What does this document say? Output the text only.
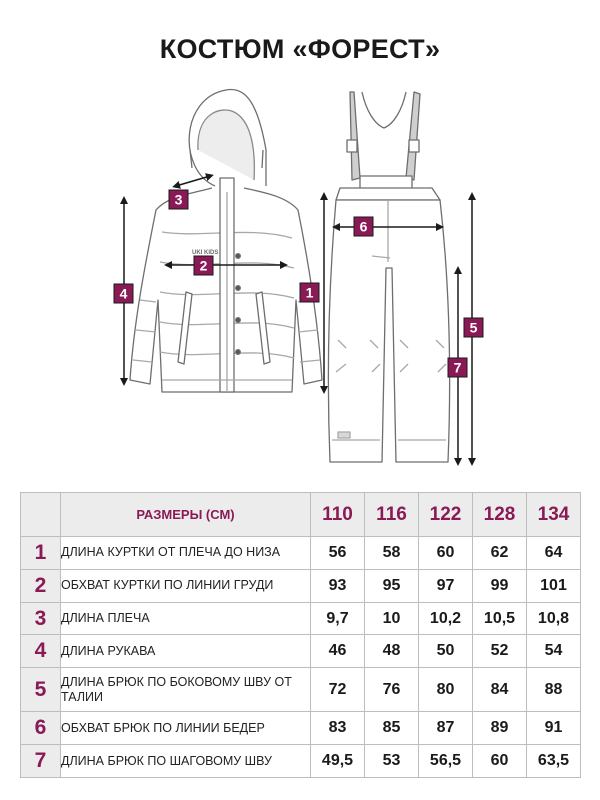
КОСТЮМ «ФОРЕСТ»
UKI KIDS
1
2
3
4
5
6
7
	РАЗМЕРЫ (СМ)	110	116	122	128	134
1	ДЛИНА КУРТКИ ОТ ПЛЕЧА ДО НИЗА	56	58	60	62	64
2	ОБХВАТ КУРТКИ ПО ЛИНИИ ГРУДИ	93	95	97	99	101
3	ДЛИНА ПЛЕЧА	9,7	10	10,2	10,5	10,8
4	ДЛИНА РУКАВА	46	48	50	52	54
5	ДЛИНА БРЮК ПО БОКОВОМУ ШВУ ОТ ТАЛИИ	72	76	80	84	88
6	ОБХВАТ БРЮК ПО ЛИНИИ БЕДЕР	83	85	87	89	91
7	ДЛИНА БРЮК ПО ШАГОВОМУ ШВУ	49,5	53	56,5	60	63,5
